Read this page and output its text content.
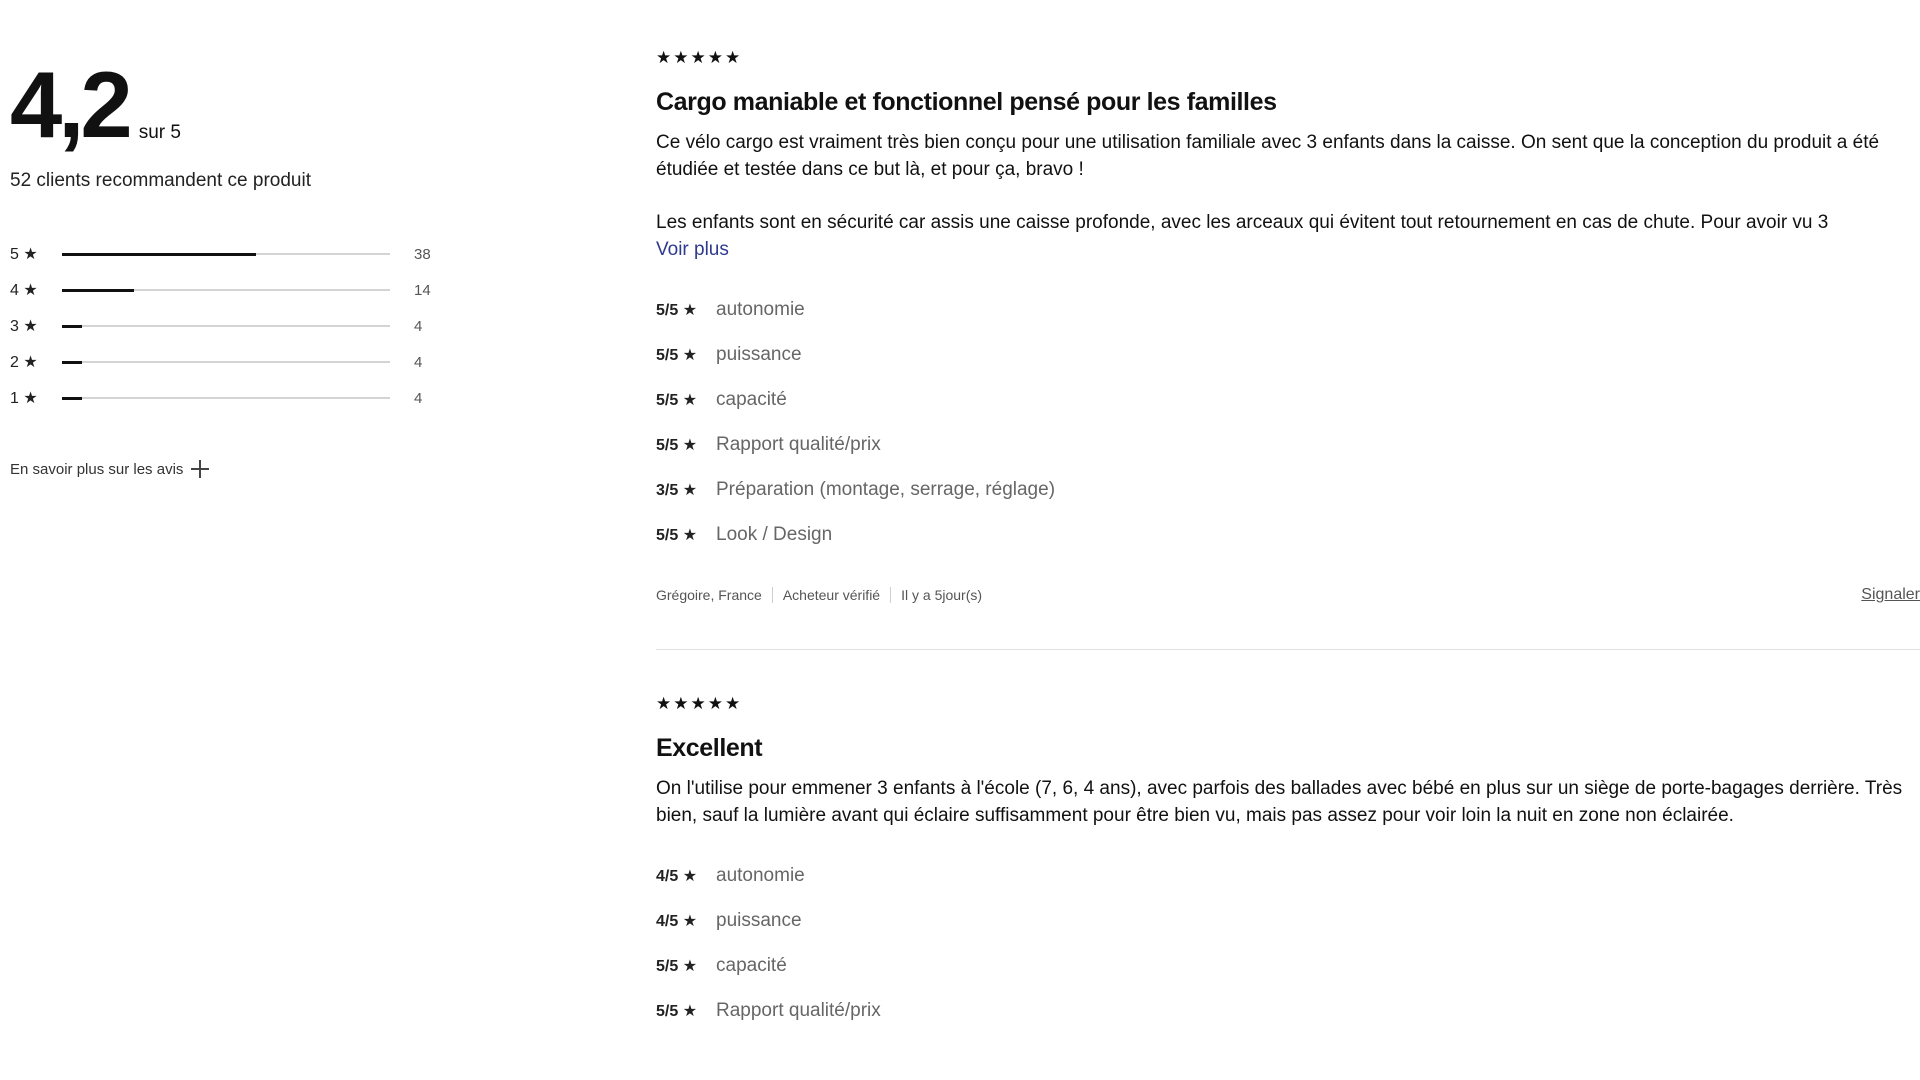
4,2 sur 5
52 clients recommandent ce produit
5 ★	38
4 ★	14
3 ★	4
2 ★	4
1 ★	4
En savoir plus sur les avis
★★★★★
Cargo maniable et fonctionnel pensé pour les familles

Ce vélo cargo est vraiment très bien conçu pour une utilisation familiale avec 3 enfants dans la caisse. On sent que la conception du produit a été étudiée et testée dans ce but là, et pour ça, bravo !

Les enfants sont en sécurité car assis une caisse profonde, avec les arceaux qui évitent tout retournement en cas de chute. Pour avoir vu 3

Voir plus
5/5 ★ autonomie
5/5 ★ puissance
5/5 ★ capacité
5/5 ★ Rapport qualité/prix
3/5 ★ Préparation (montage, serrage, réglage)
5/5 ★ Look / Design
Grégoire, France Acheteur vérifié Il y a 5jour(s)	Signaler
★★★★★
Excellent

On l'utilise pour emmener 3 enfants à l'école (7, 6, 4 ans), avec parfois des ballades avec bébé en plus sur un siège de porte-bagages derrière. Très bien, sauf la lumière avant qui éclaire suffisamment pour être bien vu, mais pas assez pour voir loin la nuit en zone non éclairée.

4/5 ★ autonomie
4/5 ★ puissance
5/5 ★ capacité
5/5 ★ Rapport qualité/prix
